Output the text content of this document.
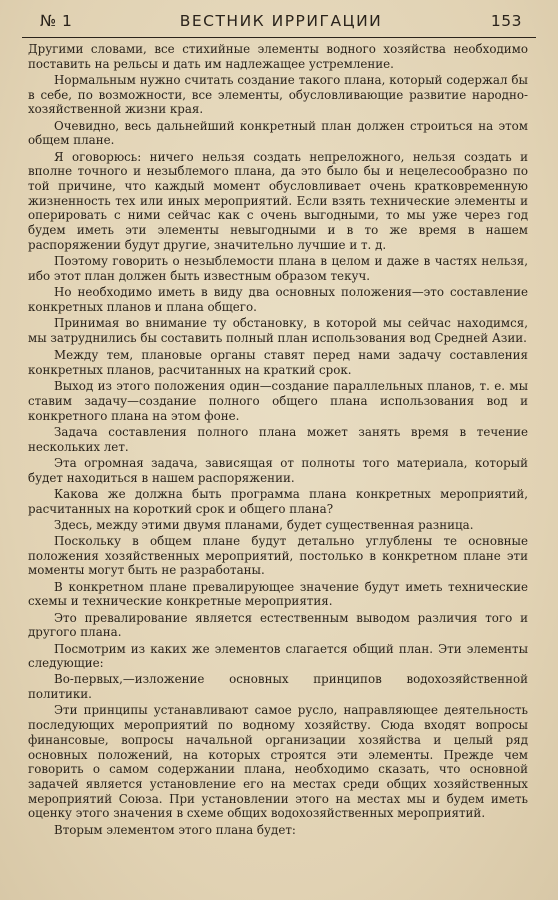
№ 1	ВЕСТНИК ИРРИГАЦИИ	153

Другими словами, все стихийные элементы водного хозяйства необходимо поставить на рельсы и дать им надлежащее устремление.

Нормальным нужно считать создание такого плана, который содержал бы в себе, по возможности, все элементы, обусловливающие развитие народно-хозяйственной жизни края.

Очевидно, весь дальнейший конкретный план должен строиться на этом общем плане.

Я оговорюсь: ничего нельзя создать непреложного, нельзя создать и вполне точного и незыблемого плана, да это было бы и нецелесообразно по той причине, что каждый момент обусловливает очень кратковременную жизненность тех или иных мероприятий. Если взять технические элементы и оперировать с ними сейчас как с очень выгодными, то мы уже через год будем иметь эти элементы невыгодными и в то же время в нашем распоряжении будут другие, значительно лучшие и т. д.

Поэтому говорить о незыблемости плана в целом и даже в частях нельзя, ибо этот план должен быть известным образом текуч.

Но необходимо иметь в виду два основных положения—это составление конкретных планов и плана общего.

Принимая во внимание ту обстановку, в которой мы сейчас находимся, мы затруднились бы составить полный план использования вод Средней Азии.

Между тем, плановые органы ставят перед нами задачу составления конкретных планов, расчитанных на краткий срок.

Выход из этого положения один—создание параллельных планов, т. е. мы ставим задачу—создание полного общего плана использования вод и конкретного плана на этом фоне.

Задача составления полного плана может занять время в течение нескольких лет.

Эта огромная задача, зависящая от полноты того материала, который будет находиться в нашем распоряжении.

Какова же должна быть программа плана конкретных мероприятий, расчитанных на короткий срок и общего плана?

Здесь, между этими двумя планами, будет существенная разница.

Поскольку в общем плане будут детально углублены те основные положения хозяйственных мероприятий, постолько в конкретном плане эти моменты могут быть не разработаны.

В конкретном плане превалирующее значение будут иметь технические схемы и технические конкретные мероприятия.

Это превалирование является естественным выводом различия того и другого плана.

Посмотрим из каких же элементов слагается общий план. Эти элементы следующие:

Во-первых,—изложение основных принципов водохозяйственной политики.

Эти принципы устанавливают самое русло, направляющее деятельность последующих мероприятий по водному хозяйству. Сюда входят вопросы финансовые, вопросы начальной организации хозяйства и целый ряд основных положений, на которых строятся эти элементы. Прежде чем говорить о самом содержании плана, необходимо сказать, что основной задачей является установление его на местах среди общих хозяйственных мероприятий Союза. При установлении этого на местах мы и будем иметь оценку этого значения в схеме общих водохозяйственных мероприятий.

Вторым элементом этого плана будет:
